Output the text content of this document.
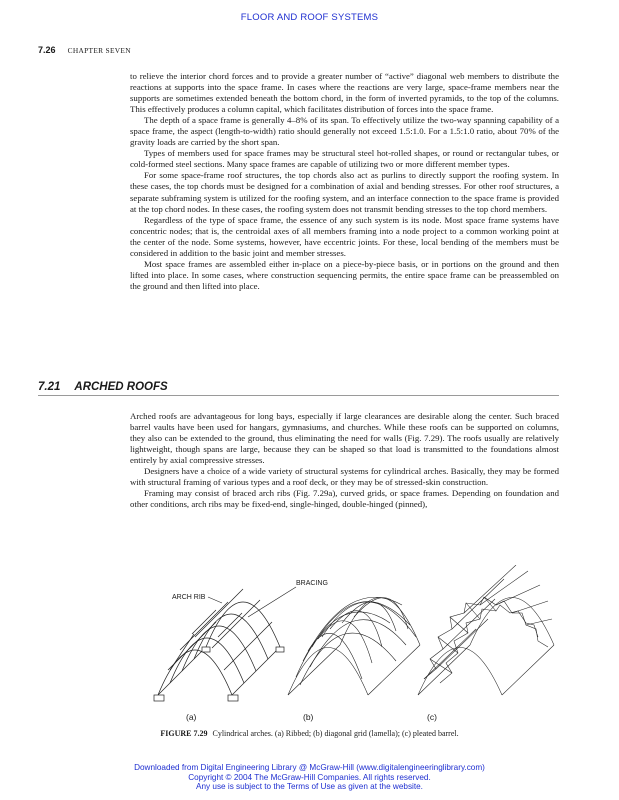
FLOOR AND ROOF SYSTEMS
7.26 CHAPTER SEVEN

to relieve the interior chord forces and to provide a greater number of “active” diagonal web members to distribute the reactions at supports into the space frame. In cases where the reactions are very large, space-frame members near the supports are sometimes extended beneath the bottom chord, in the form of inverted pyramids, to the top of the columns. This effectively produces a column capital, which facilitates distribution of forces into the space frame.

The depth of a space frame is generally 4–8% of its span. To effectively utilize the two-way spanning capability of a space frame, the aspect (length-to-width) ratio should generally not exceed 1.5:1.0. For a 1.5:1.0 ratio, about 70% of the gravity loads are carried by the short span.

Types of members used for space frames may be structural steel hot-rolled shapes, or round or rectangular tubes, or cold-formed steel sections. Many space frames are capable of utilizing two or more different member types.

For some space-frame roof structures, the top chords also act as purlins to directly support the roofing system. In these cases, the top chords must be designed for a combination of axial and bending stresses. For other roof structures, a separate subframing system is utilized for the roofing system, and an interface connection to the space frame is provided at the top chord nodes. In these cases, the roofing system does not transmit bending stresses to the top chord members.

Regardless of the type of space frame, the essence of any such system is its node. Most space frame systems have concentric nodes; that is, the centroidal axes of all members framing into a node project to a common working point at the center of the node. Some systems, however, have eccentric joints. For these, local bending of the members must be considered in addition to the basic joint and member stresses.

Most space frames are assembled either in-place on a piece-by-piece basis, or in portions on the ground and then lifted into place. In some cases, where construction sequencing permits, the entire space frame can be preassembled on the ground and then lifted into place.

7.21 ARCHED ROOFS

Arched roofs are advantageous for long bays, especially if large clearances are desirable along the center. Such braced barrel vaults have been used for hangars, gymnasiums, and churches. While these roofs can be supported on columns, they also can be extended to the ground, thus eliminating the need for walls (Fig. 7.29). The roofs usually are relatively lightweight, though spans are large, because they can be shaped so that load is transmitted to the foundations almost entirely by axial compressive stresses.

Designers have a choice of a wide variety of structural systems for cylindrical arches. Basically, they may be formed with structural framing of various types and a roof deck, or they may be of stressed-skin construction.

Framing may consist of braced arch ribs (Fig. 7.29a), curved grids, or space frames. Depending on foundation and other conditions, arch ribs may be fixed-end, single-hinged, double-hinged (pinned),

ARCH RIB
BRACING
(a)	(b)	(c)
FIGURE 7.29 Cylindrical arches. (a) Ribbed; (b) diagonal grid (lamella); (c) pleated barrel.
Downloaded from Digital Engineering Library @ McGraw-Hill (www.digitalengineeringlibrary.com)
Copyright © 2004 The McGraw-Hill Companies. All rights reserved.
Any use is subject to the Terms of Use as given at the website.
